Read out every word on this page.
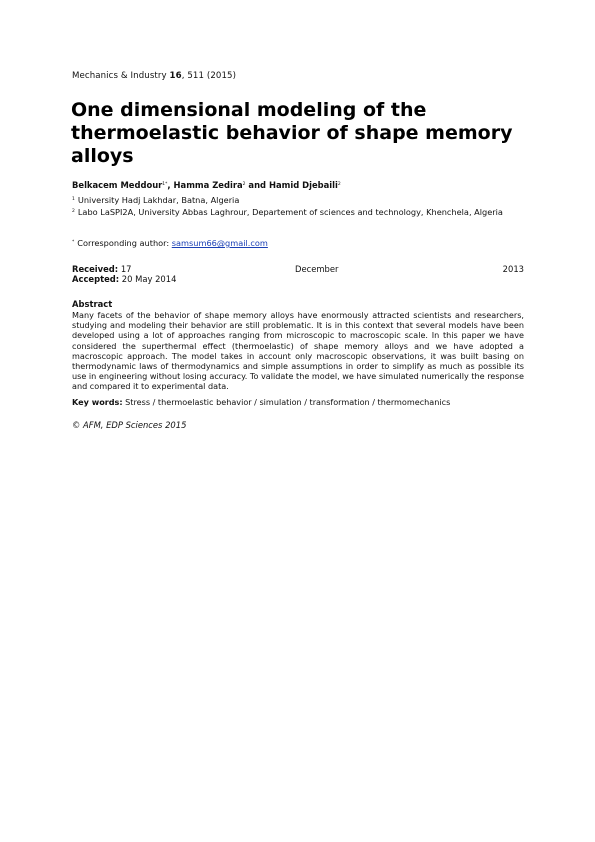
Mechanics & Industry 16, 511 (2015)
One dimensional modeling of the thermoelastic behavior of shape memory alloys
Belkacem Meddour$^{1*}$, Hamma Zedira$^2$ and Hamid Djebaili$^2$
$^1$ University Hadj Lakhdar, Batna, Algeria
$^2$ Labo LaSPI2A, University Abbas Laghrour, Departement of sciences and technology, Khenchela, Algeria
* Corresponding author: samsum66@gmail.com
Received: 17	December	2013
Accepted: 20 May 2014
Abstract

Many facets of the behavior of shape memory alloys have enormously attracted scientists and researchers, studying and modeling their behavior are still problematic. It is in this context that several models have been developed using a lot of approaches ranging from microscopic to macroscopic scale. In this paper we have considered the superthermal effect (thermoelastic) of shape memory alloys and we have adopted a macroscopic approach. The model takes in account only macroscopic observations, it was built basing on thermodynamic laws of thermodynamics and simple assumptions in order to simplify as much as possible its use in engineering without losing accuracy. To validate the model, we have simulated numerically the response and compared it to experimental data.

Key words: Stress / thermoelastic behavior / simulation / transformation / thermomechanics
© AFM, EDP Sciences 2015
